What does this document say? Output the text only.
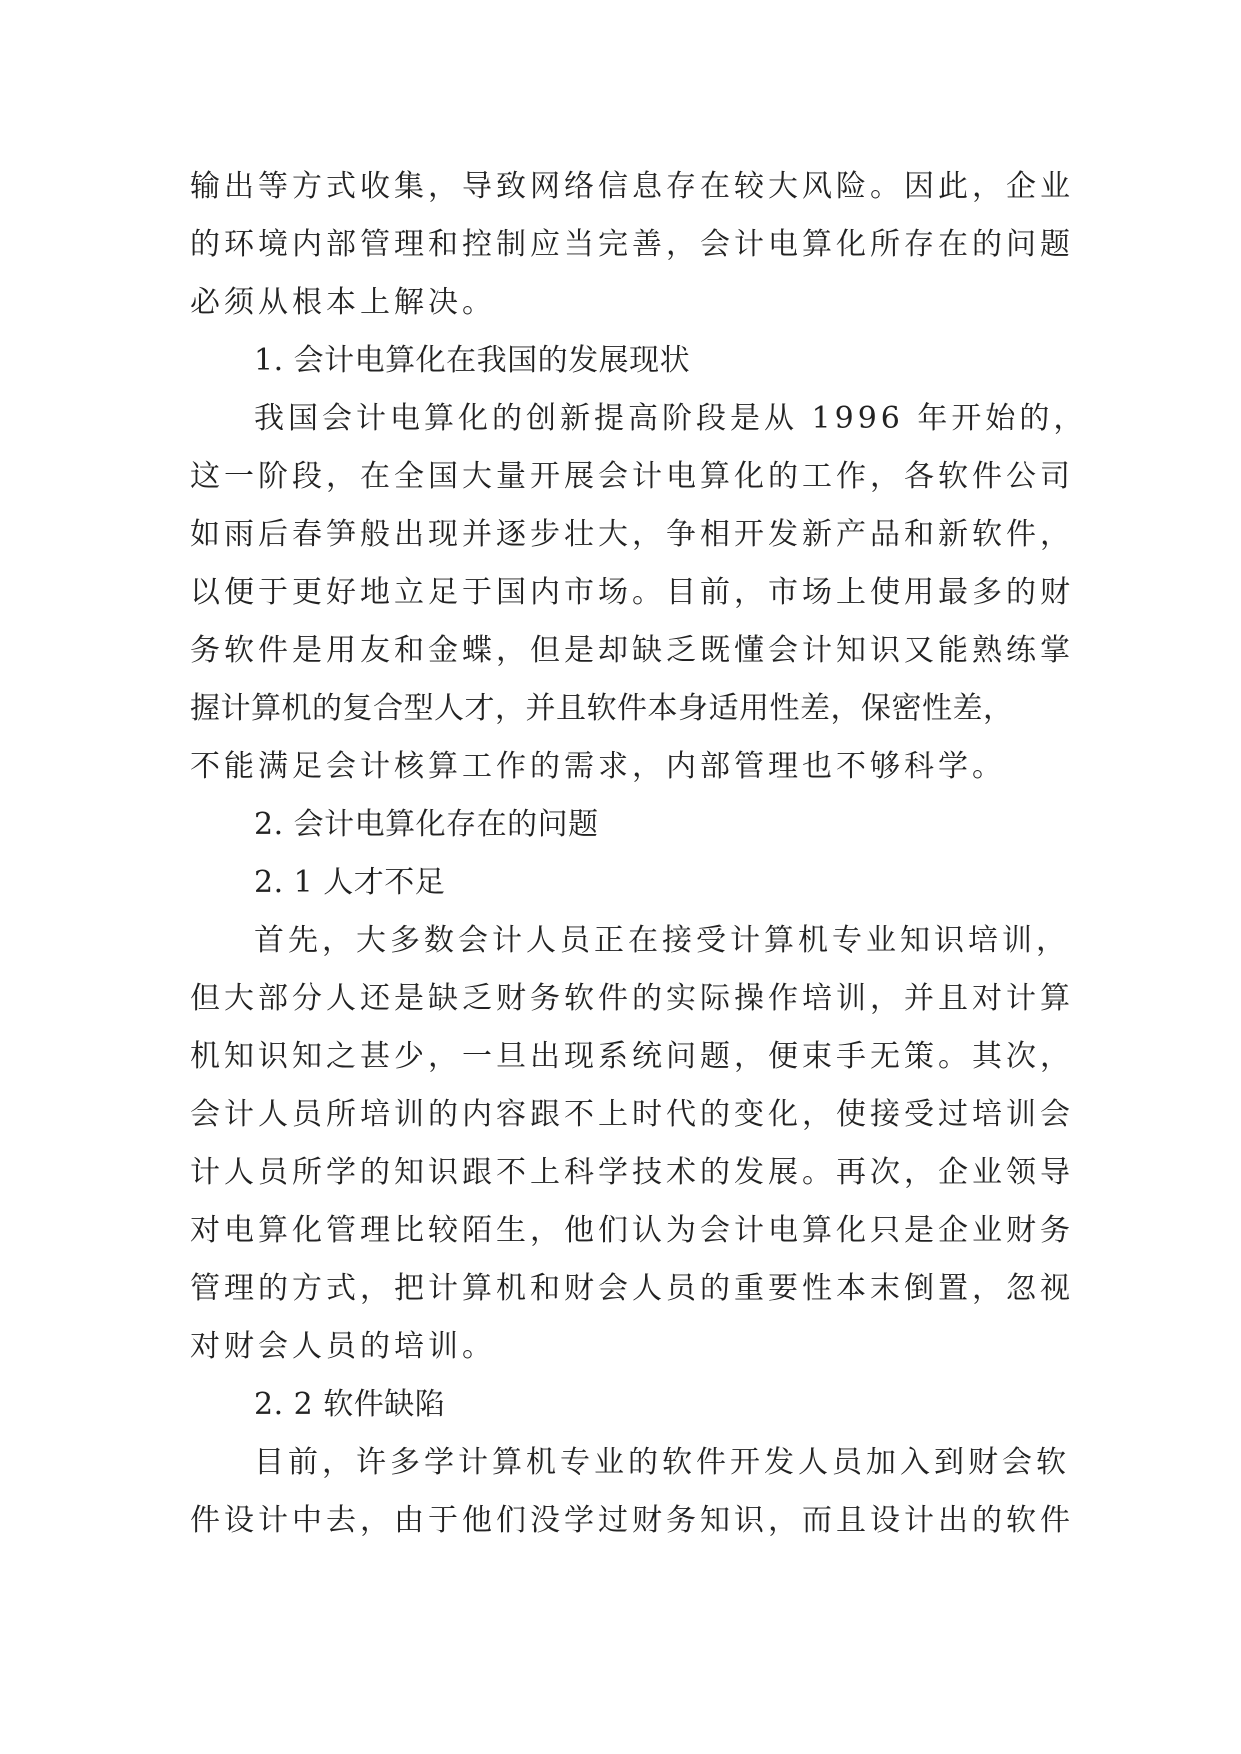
输出等方式收集，导致网络信息存在较大风险。因此，企业
的环境内部管理和控制应当完善，会计电算化所存在的问题
必须从根本上解决。
1. 会计电算化在我国的发展现状
我国会计电算化的创新提高阶段是从 1996 年开始的，
这一阶段，在全国大量开展会计电算化的工作，各软件公司
如雨后春笋般出现并逐步壮大，争相开发新产品和新软件，
以便于更好地立足于国内市场。目前，市场上使用最多的财
务软件是用友和金蝶，但是却缺乏既懂会计知识又能熟练掌
握计算机的复合型人才，并且软件本身适用性差，保密性差，
不能满足会计核算工作的需求，内部管理也不够科学。
2. 会计电算化存在的问题
2. 1 人才不足
首先，大多数会计人员正在接受计算机专业知识培训，
但大部分人还是缺乏财务软件的实际操作培训，并且对计算
机知识知之甚少，一旦出现系统问题，便束手无策。其次，
会计人员所培训的内容跟不上时代的变化，使接受过培训会
计人员所学的知识跟不上科学技术的发展。再次，企业领导
对电算化管理比较陌生，他们认为会计电算化只是企业财务
管理的方式，把计算机和财会人员的重要性本末倒置，忽视
对财会人员的培训。
2. 2 软件缺陷
目前，许多学计算机专业的软件开发人员加入到财会软
件设计中去，由于他们没学过财务知识，而且设计出的软件
